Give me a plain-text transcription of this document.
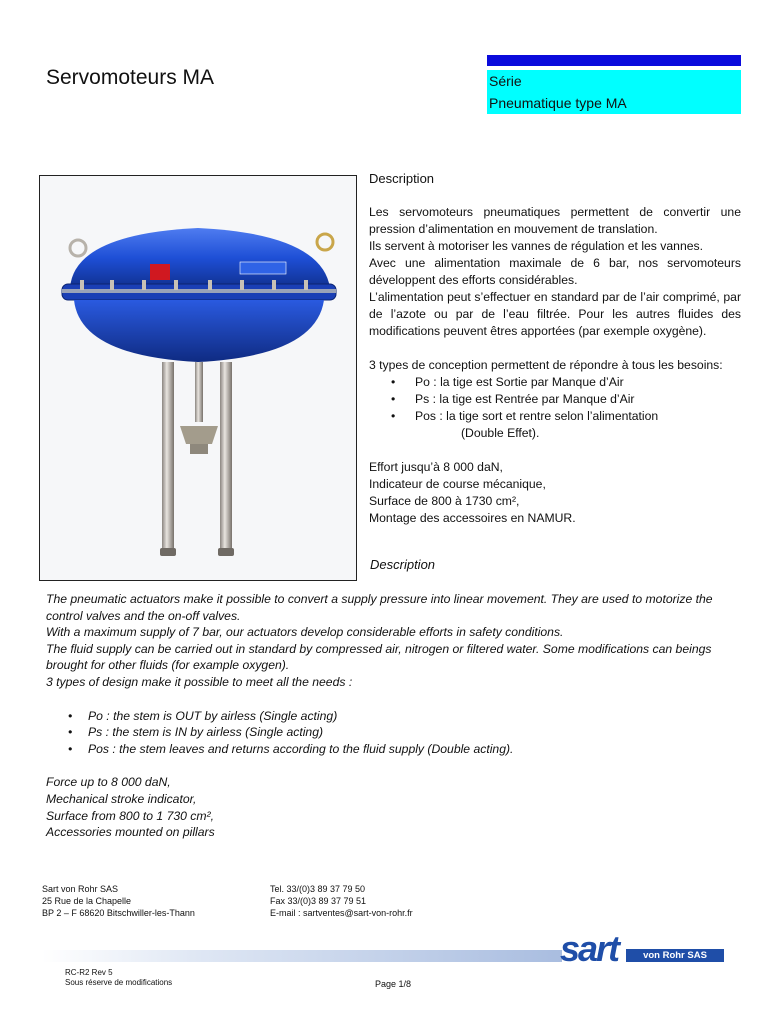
Servomoteurs MA	Série
Pneumatique type MA

Description

Les servomoteurs pneumatiques permettent de convertir une pression d’alimentation en mouvement de translation.

Ils servent à motoriser les vannes de régulation et les vannes.

Avec une alimentation maximale de 6 bar, nos servomoteurs développent des efforts considérables.

L’alimentation peut s’effectuer en standard par de l’air comprimé, par de l’azote ou par de l’eau filtrée. Pour les autres fluides des modifications peuvent êtres apportées (par exemple oxygène).

3 types de conception permettent de répondre à tous les besoins:

• Po : la tige est Sortie par Manque d’Air
• Ps : la tige est Rentrée par Manque d’Air
• Pos : la tige sort et rentre selon l’alimentation

(Double Effet).

Effort jusqu’à 8 000 daN,

Indicateur de course mécanique,

Surface de 800 à 1730 cm²,

Montage des accessoires en NAMUR.

Description

The pneumatic actuators make it possible to convert a supply pressure into linear movement. They are used to motorize the control valves and the on-off valves.

With a maximum supply of 7 bar, our actuators develop considerable efforts in safety conditions.

The fluid supply can be carried out in standard by compressed air, nitrogen or filtered water. Some modifications can beings brought for other fluids (for example oxygen).

3 types of design make it possible to meet all the needs :

• Po : the stem is OUT by airless (Single acting)
• Ps : the stem is IN by airless (Single acting)
• Pos : the stem leaves and returns according to the fluid supply (Double acting).

Force up to 8 000 daN,

Mechanical stroke indicator,

Surface from 800 to 1 730 cm²,

Accessories mounted on pillars

Sart von Rohr SAS
25 Rue de la Chapelle
BP 2 – F 68620 Bitschwiller-les-Thann
Tel. 33/(0)3 89 37 79 50
Fax 33/(0)3 89 37 79 51
E-mail : sartventes@sart-von-rohr.fr
sart	von Rohr SAS
RC-R2 Rev 5
Sous réserve de modifications	Page 1/8
